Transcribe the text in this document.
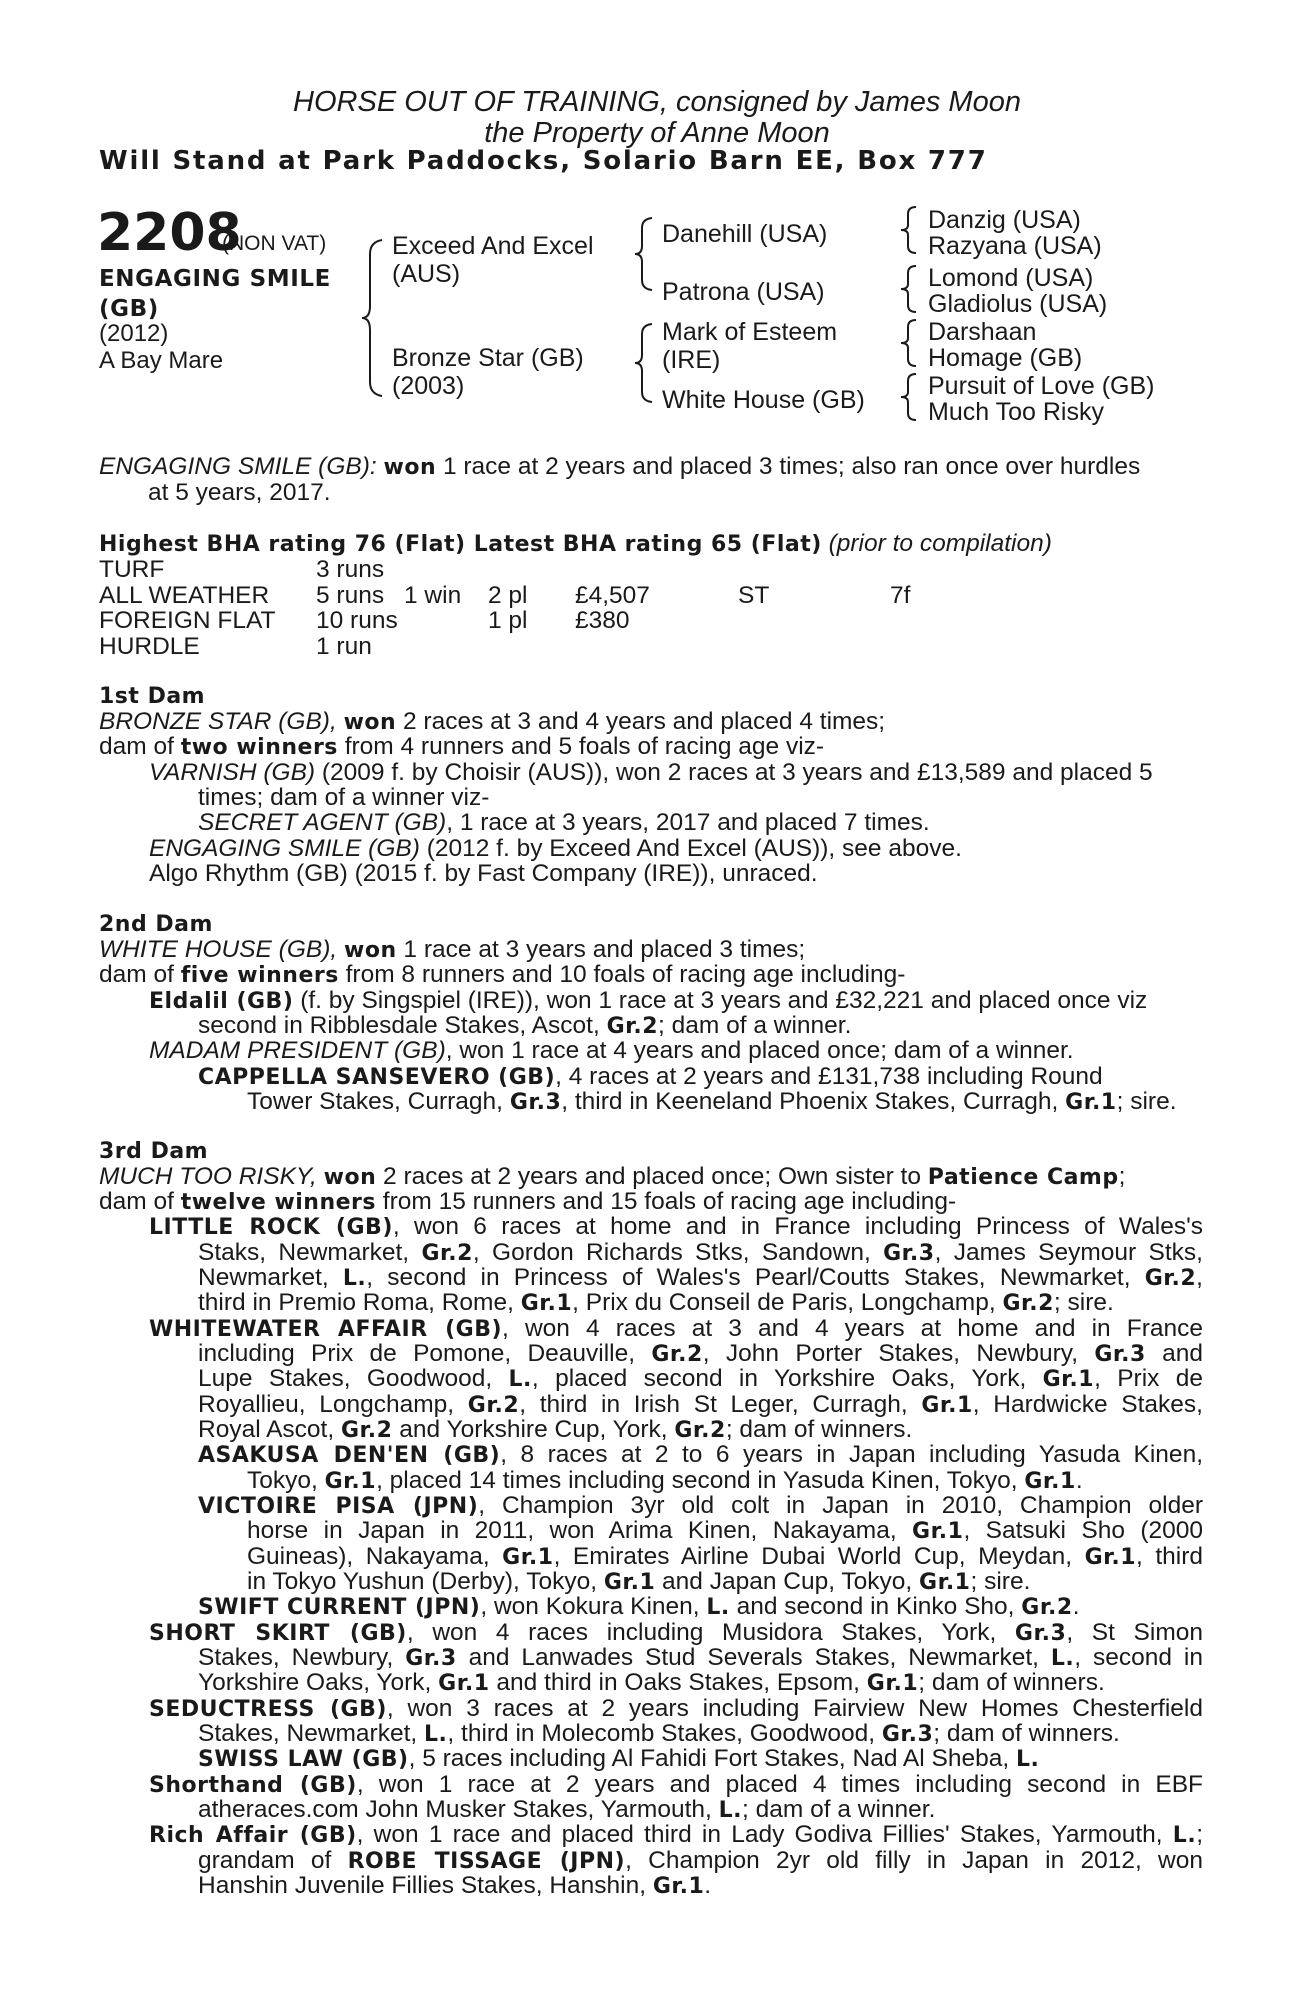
HORSE OUT OF TRAINING, consigned by James Moon
the Property of Anne Moon
Will Stand at Park Paddocks, Solario Barn EE, Box 777
2208
(NON VAT)
ENGAGING SMILE (GB)
(2012)
A Bay Mare
Exceed And Excel (AUS)
Bronze Star (GB) (2003)
Danehill (USA)
Patrona (USA)
Mark of Esteem (IRE)
White House (GB)
Danzig (USA)
Razyana (USA)
Lomond (USA)
Gladiolus (USA)
Darshaan
Homage (GB)
Pursuit of Love (GB)
Much Too Risky
ENGAGING SMILE (GB): won 1 race at 2 years and placed 3 times; also ran once over hurdles
at 5 years, 2017.
Highest BHA rating 76 (Flat) Latest BHA rating 65 (Flat) (prior to compilation)
TURF	3 runs
ALL WEATHER 5 runs 1 win 2 pl £4,507	ST	7f
FOREIGN FLAT 10 runs	1 pl £380
HURDLE	1 run
1st Dam
BRONZE STAR (GB), won 2 races at 3 and 4 years and placed 4 times;
dam of two winners from 4 runners and 5 foals of racing age viz-
VARNISH (GB) (2009 f. by Choisir (AUS)), won 2 races at 3 years and £13,589 and placed 5
times; dam of a winner viz-
SECRET AGENT (GB), 1 race at 3 years, 2017 and placed 7 times.
ENGAGING SMILE (GB) (2012 f. by Exceed And Excel (AUS)), see above.
Algo Rhythm (GB) (2015 f. by Fast Company (IRE)), unraced.
2nd Dam
WHITE HOUSE (GB), won 1 race at 3 years and placed 3 times;
dam of five winners from 8 runners and 10 foals of racing age including-
Eldalil (GB) (f. by Singspiel (IRE)), won 1 race at 3 years and £32,221 and placed once viz
second in Ribblesdale Stakes, Ascot, Gr.2; dam of a winner.
MADAM PRESIDENT (GB), won 1 race at 4 years and placed once; dam of a winner.
CAPPELLA SANSEVERO (GB), 4 races at 2 years and £131,738 including Round
Tower Stakes, Curragh, Gr.3, third in Keeneland Phoenix Stakes, Curragh, Gr.1; sire.
3rd Dam
MUCH TOO RISKY, won 2 races at 2 years and placed once; Own sister to Patience Camp;
dam of twelve winners from 15 runners and 15 foals of racing age including-
LITTLE ROCK (GB), won 6 races at home and in France including Princess of Wales's
Staks, Newmarket, Gr.2, Gordon Richards Stks, Sandown, Gr.3, James Seymour Stks,
Newmarket, L., second in Princess of Wales's Pearl/Coutts Stakes, Newmarket, Gr.2,
third in Premio Roma, Rome, Gr.1, Prix du Conseil de Paris, Longchamp, Gr.2; sire.
WHITEWATER AFFAIR (GB), won 4 races at 3 and 4 years at home and in France
including Prix de Pomone, Deauville, Gr.2, John Porter Stakes, Newbury, Gr.3 and
Lupe Stakes, Goodwood, L., placed second in Yorkshire Oaks, York, Gr.1, Prix de
Royallieu, Longchamp, Gr.2, third in Irish St Leger, Curragh, Gr.1, Hardwicke Stakes,
Royal Ascot, Gr.2 and Yorkshire Cup, York, Gr.2; dam of winners.
ASAKUSA DEN'EN (GB), 8 races at 2 to 6 years in Japan including Yasuda Kinen,
Tokyo, Gr.1, placed 14 times including second in Yasuda Kinen, Tokyo, Gr.1.
VICTOIRE PISA (JPN), Champion 3yr old colt in Japan in 2010, Champion older
horse in Japan in 2011, won Arima Kinen, Nakayama, Gr.1, Satsuki Sho (2000
Guineas), Nakayama, Gr.1, Emirates Airline Dubai World Cup, Meydan, Gr.1, third
in Tokyo Yushun (Derby), Tokyo, Gr.1 and Japan Cup, Tokyo, Gr.1; sire.
SWIFT CURRENT (JPN), won Kokura Kinen, L. and second in Kinko Sho, Gr.2.
SHORT SKIRT (GB), won 4 races including Musidora Stakes, York, Gr.3, St Simon
Stakes, Newbury, Gr.3 and Lanwades Stud Severals Stakes, Newmarket, L., second in
Yorkshire Oaks, York, Gr.1 and third in Oaks Stakes, Epsom, Gr.1; dam of winners.
SEDUCTRESS (GB), won 3 races at 2 years including Fairview New Homes Chesterfield
Stakes, Newmarket, L., third in Molecomb Stakes, Goodwood, Gr.3; dam of winners.
SWISS LAW (GB), 5 races including Al Fahidi Fort Stakes, Nad Al Sheba, L.
Shorthand (GB), won 1 race at 2 years and placed 4 times including second in EBF
atheraces.com John Musker Stakes, Yarmouth, L.; dam of a winner.
Rich Affair (GB), won 1 race and placed third in Lady Godiva Fillies' Stakes, Yarmouth, L.;
grandam of ROBE TISSAGE (JPN), Champion 2yr old filly in Japan in 2012, won
Hanshin Juvenile Fillies Stakes, Hanshin, Gr.1.
